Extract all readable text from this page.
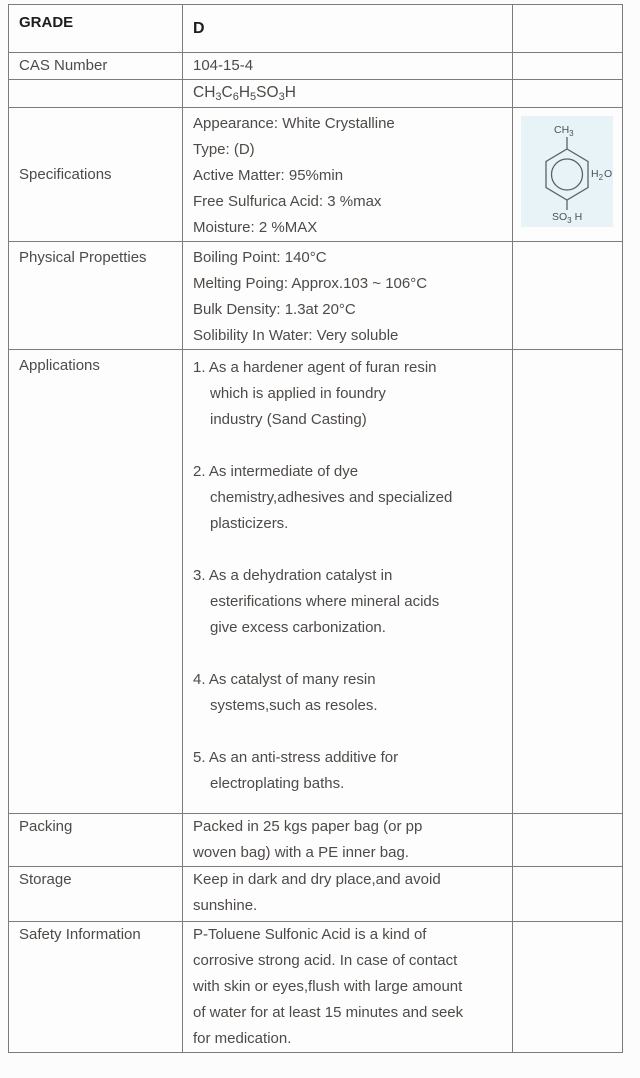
GRADE	D	
CAS Number	104-15-4	
	$CH_3C_6H_5SO_3H$	
Specifications	Appearance: White Crystalline
Type: (D)
Active Matter: 95%min
Free Sulfurica Acid: 3 %max
Moisture: 2 %MAX	$CH_3$
$H_2O$
$SO_3$ H

Physical Propetties	Boiling Point: 140°C
Melting Poing: Approx.103 ~ 106°C
Bulk Density: 1.3at 20°C
Solibility In Water: Very soluble	

Applications	1. As a hardener agent of furan resin
which is applied in foundry
industry (Sand Casting)
2. As intermediate of dye
chemistry,adhesives and specialized
plasticizers.
3. As a dehydration catalyst in
esterifications where mineral acids
give excess carbonization.
4. As catalyst of many resin
systems,such as resoles.
5. As an anti-stress additive for
electroplating baths.

Packing	Packed in 25 kgs paper bag (or pp
woven bag) with a PE inner bag.	

Storage	Keep in dark and dry place,and avoid
sunshine.	

Safety Information	P-Toluene Sulfonic Acid is a kind of
corrosive strong acid. In case of contact
with skin or eyes,flush with large amount
of water for at least 15 minutes and seek
for medication.	
